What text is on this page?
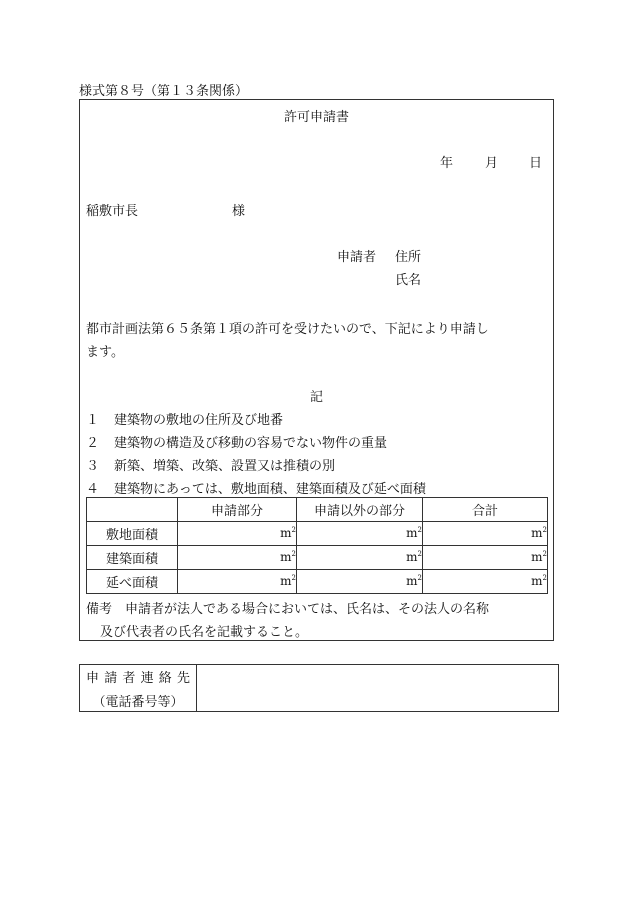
様式第８号（第１３条関係）
許可申請書
年 月 日
稲敷市長	様
申請者 住所
氏名
都市計画法第６５条第１項の許可を受けたいので、下記により申請し
ます。
記
１ 建築物の敷地の住所及び地番
２ 建築物の構造及び移動の容易でない物件の重量
３ 新築、増築、改築、設置又は推積の別
４ 建築物にあっては、敷地面積、建築面積及び延べ面積
	申請部分	申請以外の部分	合計
敷地面積	$m^2$	$m^2$	$m^2$
建築面積	$m^2$	$m^2$	$m^2$
延べ面積	$m^2$	$m^2$	$m^2$
備考　申請者が法人である場合においては、氏名は、その法人の名称
及び代表者の氏名を記載すること。
申 請 者 連 絡 先
（電話番号等）
